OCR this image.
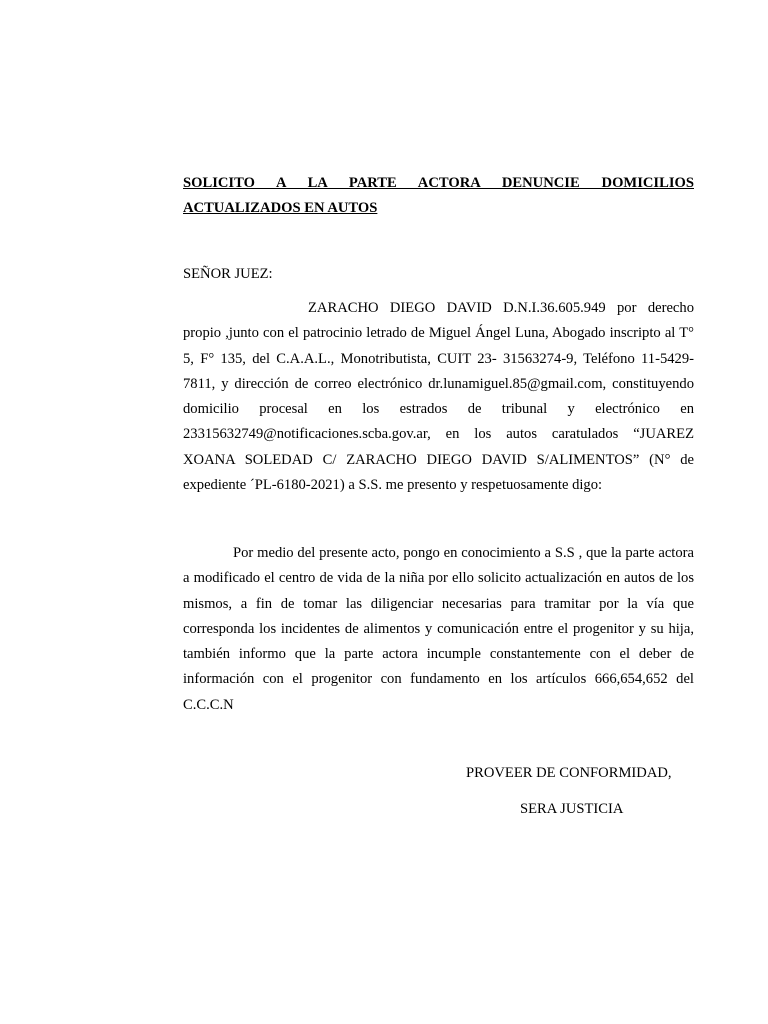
SOLICITO A LA PARTE ACTORA DENUNCIE DOMICILIOS ACTUALIZADOS EN AUTOS

SEÑOR JUEZ:

ZARACHO DIEGO DAVID D.N.I.36.605.949 por derecho propio ,junto con el patrocinio letrado de Miguel Ángel Luna, Abogado inscripto al T° 5, F° 135, del C.A.A.L., Monotributista, CUIT 23- 31563274-9, Teléfono 11-5429-7811, y dirección de correo electrónico dr.lunamiguel.85@gmail.com, constituyendo domicilio procesal en los estrados de tribunal y electrónico en 23315632749@notificaciones.scba.gov.ar, en los autos caratulados “JUAREZ XOANA SOLEDAD C/ ZARACHO DIEGO DAVID S/ALIMENTOS” (N° de expediente ´PL-6180-2021) a S.S. me presento y respetuosamente digo:

Por medio del presente acto, pongo en conocimiento a S.S , que la parte actora a modificado el centro de vida de la niña por ello solicito actualización en autos de los mismos, a fin de tomar las diligenciar necesarias para tramitar por la vía que corresponda los incidentes de alimentos y comunicación entre el progenitor y su hija, también informo que la parte actora incumple constantemente con el deber de información con el progenitor con fundamento en los artículos 666,654,652 del C.C.C.N

PROVEER DE CONFORMIDAD,

SERA JUSTICIA
